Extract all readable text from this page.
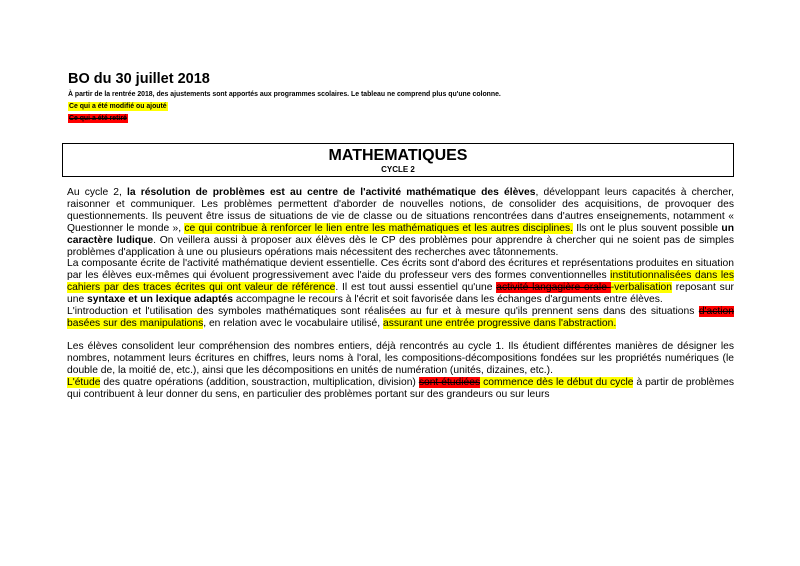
BO du 30 juillet 2018
À partir de la rentrée 2018, des ajustements sont apportés aux programmes scolaires. Le tableau ne comprend plus qu'une colonne.
Ce qui a été modifié ou ajouté
Ce qui a été retiré
MATHEMATIQUES
CYCLE 2

Au cycle 2, la résolution de problèmes est au centre de l'activité mathématique des élèves, développant leurs capacités à chercher, raisonner et communiquer. Les problèmes permettent d'aborder de nouvelles notions, de consolider des acquisitions, de provoquer des questionnements. Ils peuvent être issus de situations de vie de classe ou de situations rencontrées dans d'autres enseignements, notamment « Questionner le monde », ce qui contribue à renforcer le lien entre les mathématiques et les autres disciplines. Ils ont le plus souvent possible un caractère ludique. On veillera aussi à proposer aux élèves dès le CP des problèmes pour apprendre à chercher qui ne soient pas de simples problèmes d'application à une ou plusieurs opérations mais nécessitent des recherches avec tâtonnements.

La composante écrite de l'activité mathématique devient essentielle. Ces écrits sont d'abord des écritures et représentations produites en situation par les élèves eux-mêmes qui évoluent progressivement avec l'aide du professeur vers des formes conventionnelles institutionnalisées dans les cahiers par des traces écrites qui ont valeur de référence. Il est tout aussi essentiel qu'une activité langagière orale -verbalisation reposant sur une syntaxe et un lexique adaptés accompagne le recours à l'écrit et soit favorisée dans les échanges d'arguments entre élèves.

L'introduction et l'utilisation des symboles mathématiques sont réalisées au fur et à mesure qu'ils prennent sens dans des situations d'action basées sur des manipulations, en relation avec le vocabulaire utilisé, assurant une entrée progressive dans l'abstraction.

Les élèves consolident leur compréhension des nombres entiers, déjà rencontrés au cycle 1. Ils étudient différentes manières de désigner les nombres, notamment leurs écritures en chiffres, leurs noms à l'oral, les compositions-décompositions fondées sur les propriétés numériques (le double de, la moitié de, etc.), ainsi que les décompositions en unités de numération (unités, dizaines, etc.).

L'étude des quatre opérations (addition, soustraction, multiplication, division) sont étudiées commence dès le début du cycle à partir de problèmes qui contribuent à leur donner du sens, en particulier des problèmes portant sur des grandeurs ou sur leurs
